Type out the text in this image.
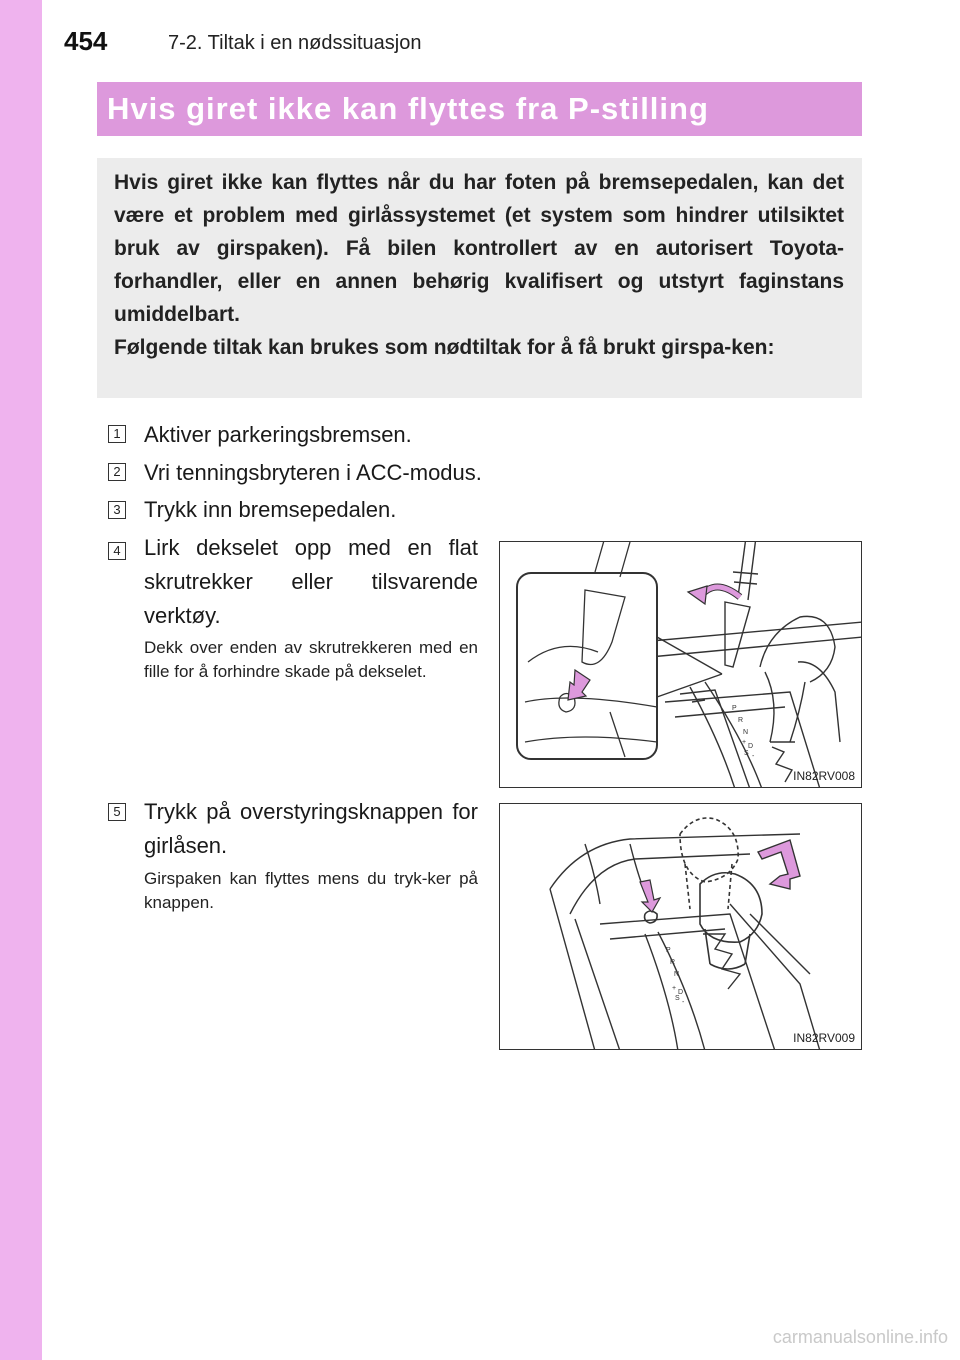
454	7-2. Tiltak i en nødssituasjon
Hvis giret ikke kan flyttes fra P-stilling

Hvis giret ikke kan flyttes når du har foten på bremsepedalen, kan det være et problem med girlåssystemet (et system som hindrer utilsiktet bruk av girspaken). Få bilen kontrollert av en autorisert Toyota-forhandler, eller en annen behørig kvalifisert og utstyrt faginstans umiddelbart.

Følgende tiltak kan brukes som nødtiltak for å få brukt girspa-ken:

1 Aktiver parkeringsbremsen.
2 Vri tenningsbryteren i ACC-modus.
3 Trykk inn bremsepedalen.
4 Lirk dekselet opp med en flat skrutrekker eller tilsvarende verktøy.
Dekk over enden av skrutrekkeren med en fille for å forhindre skade på dekselet.
5 Trykk på overstyringsknappen for girlåsen.
Girspaken kan flyttes mens du tryk-ker på knappen.
P
R
N
D
S
+
-
IN82RV008
P
R
N
D
S
+
-
IN82RV009
carmanualsonline.info
